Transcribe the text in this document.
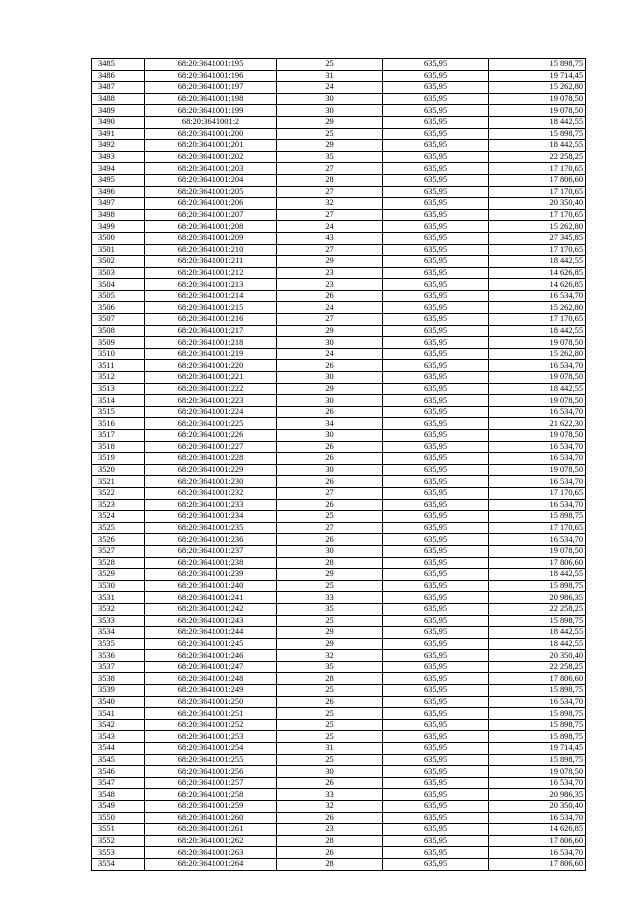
3485	68:20:3641001:195	25	635,95	15 898,75
3486	68:20:3641001:196	31	635,95	19 714,45
3487	68:20:3641001:197	24	635,95	15 262,80
3488	68:20:3641001:198	30	635,95	19 078,50
3489	68:20:3641001:199	30	635,95	19 078,50
3490	68:20:3641001:2	29	635,95	18 442,55
3491	68:20:3641001:200	25	635,95	15 898,75
3492	68:20:3641001:201	29	635,95	18 442,55
3493	68:20:3641001:202	35	635,95	22 258,25
3494	68:20:3641001:203	27	635,95	17 170,65
3495	68:20:3641001:204	28	635,95	17 806,60
3496	68:20:3641001:205	27	635,95	17 170,65
3497	68:20:3641001:206	32	635,95	20 350,40
3498	68:20:3641001:207	27	635,95	17 170,65
3499	68:20:3641001:208	24	635,95	15 262,80
3500	68:20:3641001:209	43	635,95	27 345,85
3501	68:20:3641001:210	27	635,95	17 170,65
3502	68:20:3641001:211	29	635,95	18 442,55
3503	68:20:3641001:212	23	635,95	14 626,85
3504	68:20:3641001:213	23	635,95	14 626,85
3505	68:20:3641001:214	26	635,95	16 534,70
3506	68:20:3641001:215	24	635,95	15 262,80
3507	68:20:3641001:216	27	635,95	17 170,65
3508	68:20:3641001:217	29	635,95	18 442,55
3509	68:20:3641001:218	30	635,95	19 078,50
3510	68:20:3641001:219	24	635,95	15 262,80
3511	68:20:3641001:220	26	635,95	16 534,70
3512	68:20:3641001:221	30	635,95	19 078,50
3513	68:20:3641001:222	29	635,95	18 442,55
3514	68:20:3641001:223	30	635,95	19 078,50
3515	68:20:3641001:224	26	635,95	16 534,70
3516	68:20:3641001:225	34	635,95	21 622,30
3517	68:20:3641001:226	30	635,95	19 078,50
3518	68:20:3641001:227	26	635,95	16 534,70
3519	68:20:3641001:228	26	635,95	16 534,70
3520	68:20:3641001:229	30	635,95	19 078,50
3521	68:20:3641001:230	26	635,95	16 534,70
3522	68:20:3641001:232	27	635,95	17 170,65
3523	68:20:3641001:233	26	635,95	16 534,70
3524	68:20:3641001:234	25	635,95	15 898,75
3525	68:20:3641001:235	27	635,95	17 170,65
3526	68:20:3641001:236	26	635,95	16 534,70
3527	68:20:3641001:237	30	635,95	19 078,50
3528	68:20:3641001:238	28	635,95	17 806,60
3529	68:20:3641001:239	29	635,95	18 442,55
3530	68:20:3641001:240	25	635,95	15 898,75
3531	68:20:3641001:241	33	635,95	20 986,35
3532	68:20:3641001:242	35	635,95	22 258,25
3533	68:20:3641001:243	25	635,95	15 898,75
3534	68:20:3641001:244	29	635,95	18 442,55
3535	68:20:3641001:245	29	635,95	18 442,55
3536	68:20:3641001:246	32	635,95	20 350,40
3537	68:20:3641001:247	35	635,95	22 258,25
3538	68:20:3641001:248	28	635,95	17 806,60
3539	68:20:3641001:249	25	635,95	15 898,75
3540	68:20:3641001:250	26	635,95	16 534,70
3541	68:20:3641001:251	25	635,95	15 898,75
3542	68:20:3641001:252	25	635,95	15 898,75
3543	68:20:3641001:253	25	635,95	15 898,75
3544	68:20:3641001:254	31	635,95	19 714,45
3545	68:20:3641001:255	25	635,95	15 898,75
3546	68:20:3641001:256	30	635,95	19 078,50
3547	68:20:3641001:257	26	635,95	16 534,70
3548	68:20:3641001:258	33	635,95	20 986,35
3549	68:20:3641001:259	32	635,95	20 350,40
3550	68:20:3641001:260	26	635,95	16 534,70
3551	68:20:3641001:261	23	635,95	14 626,85
3552	68:20:3641001:262	28	635,95	17 806,60
3553	68:20:3641001:263	26	635,95	16 534,70
3554	68:20:3641001:264	28	635,95	17 806,60
